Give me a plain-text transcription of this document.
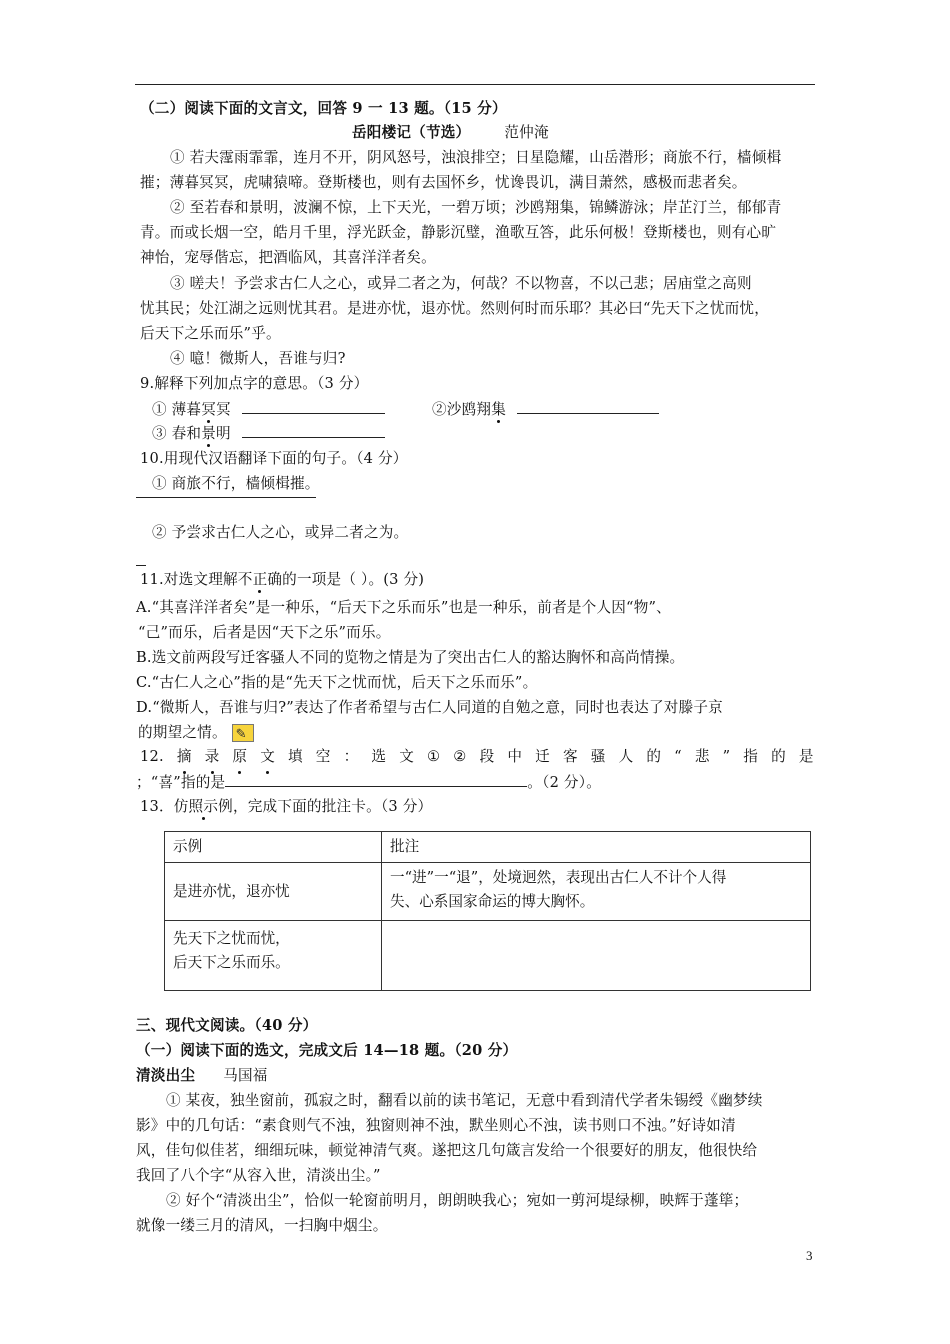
（二）阅读下面的文言文，回答 9 一 13 题。（15 分）
岳阳楼记（节选） 范仲淹
① 若夫霪雨霏霏，连月不开，阴风怒号，浊浪排空；日星隐耀，山岳潜形；商旅不行，樯倾楫
摧；薄暮冥冥，虎啸猿啼。登斯楼也，则有去国怀乡，忧谗畏讥，满目萧然，感极而悲者矣。
② 至若春和景明，波澜不惊，上下天光，一碧万顷；沙鸥翔集，锦鳞游泳；岸芷汀兰，郁郁青
青。而或长烟一空，皓月千里，浮光跃金，静影沉璧，渔歌互答，此乐何极！登斯楼也，则有心旷
神怡，宠辱偕忘，把酒临风，其喜洋洋者矣。
③ 嗟夫！予尝求古仁人之心，或异二者之为，何哉？不以物喜，不以己悲；居庙堂之高则
忧其民；处江湖之远则忧其君。是进亦忧，退亦忧。然则何时而乐耶？其必曰“先天下之忧而忧，
后天下之乐而乐”乎。
④ 噫！微斯人，吾谁与归?
9.解释下列加点字的意思。（3 分）
① 薄暮冥冥	②沙鸥翔集
③ 春和景明
10.用现代汉语翻译下面的句子。（4 分）
① 商旅不行，樯倾楫摧。
② 予尝求古仁人之心，或异二者之为。
11.对选文理解不正确的一项是（ ）。(3 分)
A.“其喜洋洋者矣”是一种乐，“后天下之乐而乐”也是一种乐，前者是个人因“物”、
“己”而乐，后者是因“天下之乐”而乐。
B.选文前两段写迁客骚人不同的览物之情是为了突出古仁人的豁达胸怀和高尚情操。
C.“古仁人之心”指的是“先天下之忧而忧，后天下之乐而乐”。
D.“微斯人，吾谁与归?”表达了作者希望与古仁人同道的自勉之意，同时也表达了对滕子京
的期望之情。 ✎
12. 摘 录 原 文 填 空 ： 选 文 ① ② 段 中 迁 客 骚 人 的 “ 悲 ” 指 的 是
；“喜”指的是	。（2 分）。
13．仿照示例，完成下面的批注卡。（3 分）
示例	批注
是进亦忧，退亦忧	一“进”一“退”，处境迥然，表现出古仁人不计个人得
失、心系国家命运的博大胸怀。

先天下之忧而忧，
后天下之乐而乐。	

三、现代文阅读。（40 分）
（一）阅读下面的选文，完成文后 14—18 题。（20 分）
清淡出尘 马国福
① 某夜，独坐窗前，孤寂之时，翻看以前的读书笔记，无意中看到清代学者朱锡绶《幽梦续
影》中的几句话：“素食则气不浊，独窗则神不浊，默坐则心不浊，读书则口不浊。”好诗如清
风，佳句似佳茗，细细玩味，顿觉神清气爽。遂把这几句箴言发给一个很要好的朋友，他很快给
我回了八个字“从容入世，清淡出尘。”
② 好个“清淡出尘”，恰似一轮窗前明月，朗朗映我心；宛如一剪河堤绿柳，映辉于蓬筚；
就像一缕三月的清风，一扫胸中烟尘。
3
